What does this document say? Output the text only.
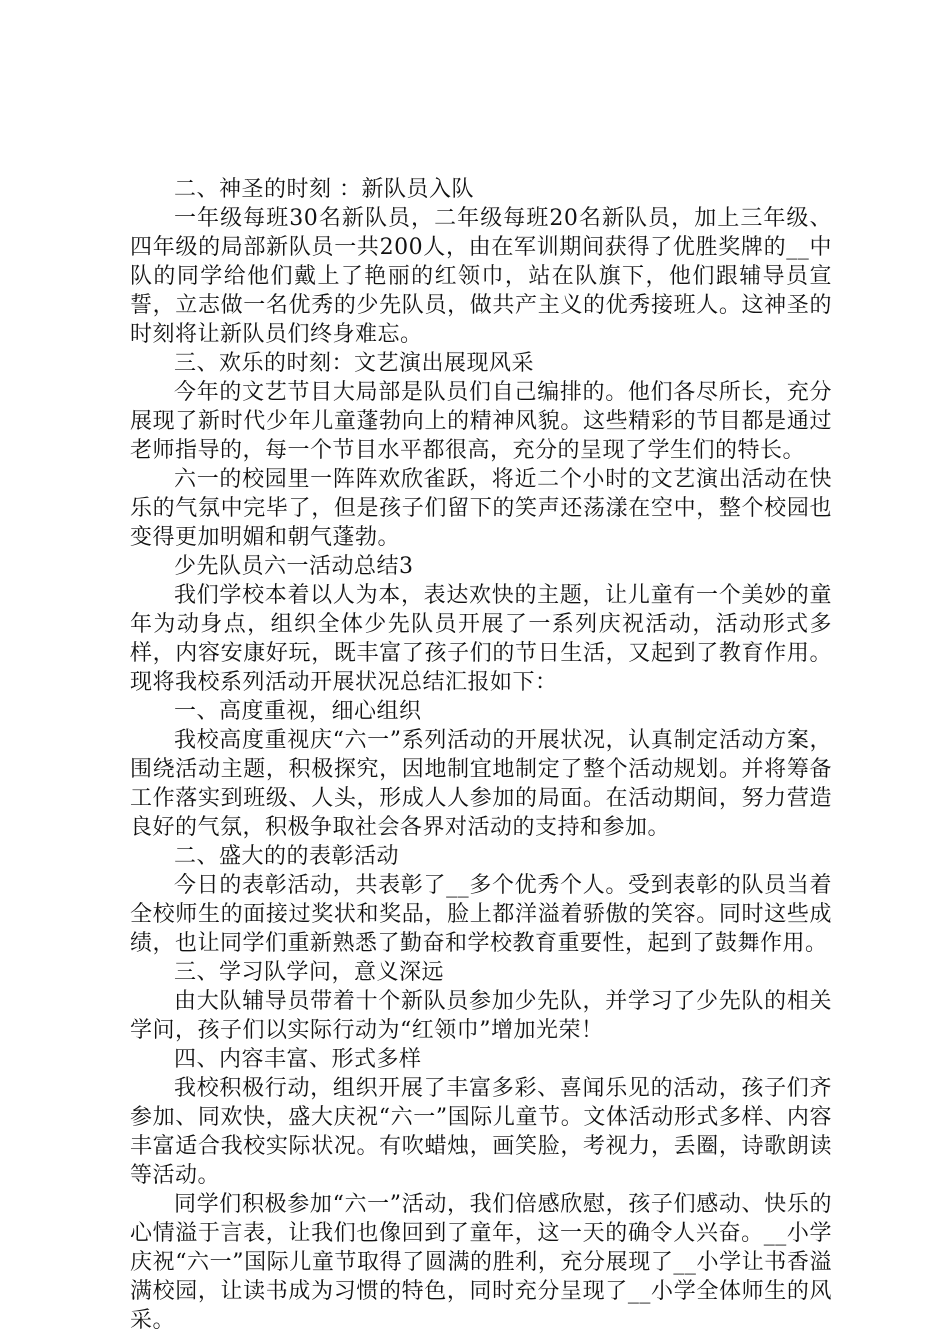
二、神圣的时刻 ：新队员入队

一年级每班30名新队员，二年级每班20名新队员，加上三年级、四年级的局部新队员一共200人，由在军训期间获得了优胜奖牌的__中队的同学给他们戴上了艳丽的红领巾，站在队旗下，他们跟辅导员宣誓，立志做一名优秀的少先队员，做共产主义的优秀接班人。这神圣的时刻将让新队员们终身难忘。

三、欢乐的时刻：文艺演出展现风采

今年的文艺节目大局部是队员们自己编排的。他们各尽所长，充分展现了新时代少年儿童蓬勃向上的精神风貌。这些精彩的节目都是通过老师指导的，每一个节目水平都很高，充分的呈现了学生们的特长。

六一的校园里一阵阵欢欣雀跃，将近二个小时的文艺演出活动在快乐的气氛中完毕了，但是孩子们留下的笑声还荡漾在空中，整个校园也变得更加明媚和朝气蓬勃。

少先队员六一活动总结3

我们学校本着以人为本，表达欢快的主题，让儿童有一个美妙的童年为动身点，组织全体少先队员开展了一系列庆祝活动，活动形式多样，内容安康好玩，既丰富了孩子们的节日生活，又起到了教育作用。现将我校系列活动开展状况总结汇报如下：

一、高度重视，细心组织

我校高度重视庆“六一”系列活动的开展状况，认真制定活动方案，围绕活动主题，积极探究，因地制宜地制定了整个活动规划。并将筹备工作落实到班级、人头，形成人人参加的局面。在活动期间，努力营造良好的气氛，积极争取社会各界对活动的支持和参加。

二、盛大的的表彰活动

今日的表彰活动，共表彰了__多个优秀个人。受到表彰的队员当着全校师生的面接过奖状和奖品，脸上都洋溢着骄傲的笑容。同时这些成绩，也让同学们重新熟悉了勤奋和学校教育重要性，起到了鼓舞作用。

三、学习队学问，意义深远

由大队辅导员带着十个新队员参加少先队，并学习了少先队的相关学问，孩子们以实际行动为“红领巾”增加光荣！

四、内容丰富、形式多样

我校积极行动，组织开展了丰富多彩、喜闻乐见的活动，孩子们齐参加、同欢快，盛大庆祝“六一”国际儿童节。文体活动形式多样、内容丰富适合我校实际状况。有吹蜡烛，画笑脸，考视力，丢圈，诗歌朗读等活动。

同学们积极参加“六一”活动，我们倍感欣慰，孩子们感动、快乐的心情溢于言表，让我们也像回到了童年，这一天的确令人兴奋。__小学庆祝“六一”国际儿童节取得了圆满的胜利，充分展现了__小学让书香溢满校园，让读书成为习惯的特色，同时充分呈现了__小学全体师生的风采。
